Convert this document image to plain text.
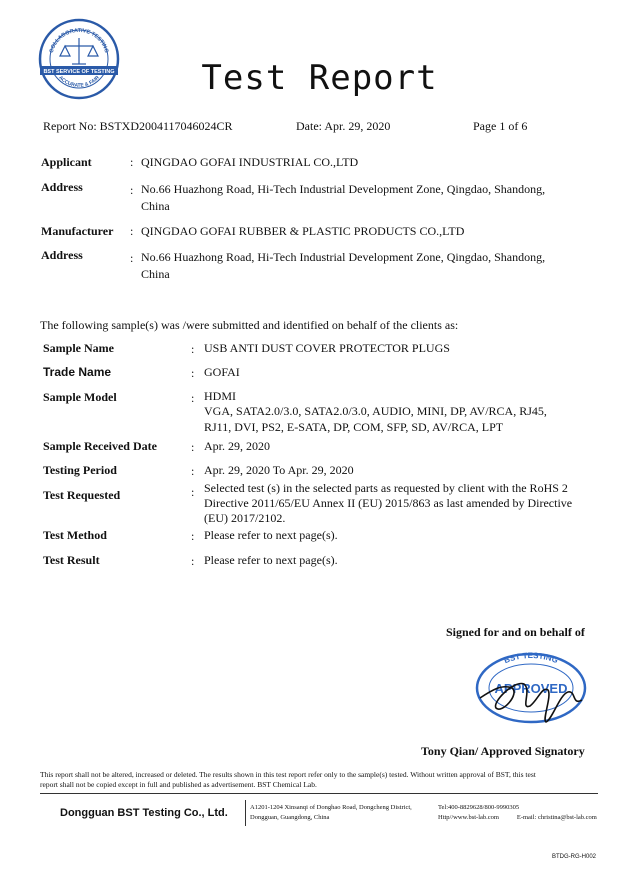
COLLABORATIVE TESTING
BST SERVICE OF TESTING
ACCURATE & FAIR	Test Report
Report No: BSTXD2004117046024CR	Date: Apr. 29, 2020	Page 1 of 6
Applicant	: QINGDAO GOFAI INDUSTRIAL CO.,LTD
Address	: No.66 Huazhong Road, Hi-Tech Industrial Development Zone, Qingdao, Shandong,
China
Manufacturer : QINGDAO GOFAI RUBBER & PLASTIC PRODUCTS CO.,LTD
Address	: No.66 Huazhong Road, Hi-Tech Industrial Development Zone, Qingdao, Shandong,
China
The following sample(s) was /were submitted and identified on behalf of the clients as:
Sample Name	: USB ANTI DUST COVER PROTECTOR PLUGS
Trade Name	: GOFAI
Sample Model	: HDMI
VGA, SATA2.0/3.0, SATA2.0/3.0, AUDIO, MINI, DP, AV/RCA, RJ45,
RJ11, DVI, PS2, E-SATA, DP, COM, SFP, SD, AV/RCA, LPT
Sample Received Date	: Apr. 29, 2020
Testing Period	: Apr. 29, 2020 To Apr. 29, 2020
Test Requested	: Selected test (s) in the selected parts as requested by client with the RoHS 2
Directive 2011/65/EU Annex II (EU) 2015/863 as last amended by Directive
(EU) 2017/2102.
Test Method	: Please refer to next page(s).
Test Result	: Please refer to next page(s).
Signed for and on behalf of
BST TESTING
APPROVED
Tony Qian/ Approved Signatory
This report shall not be altered, increased or deleted. The results shown in this test report refer only to the sample(s) tested. Without written approval of BST, this test
report shall not be copied except in full and published as advertisement. BST Chemical Lab.
Dongguan BST Testing Co., Ltd.	A1201-1204 Xinsanqi of Donghao Road, Dongcheng District,
Dongguan, Guangdong, China
Tel:400-8829628/800-9990305
Http//www.bst-lab.com	E-mail: christina@bst-lab.com
BTDG-RG-H002
